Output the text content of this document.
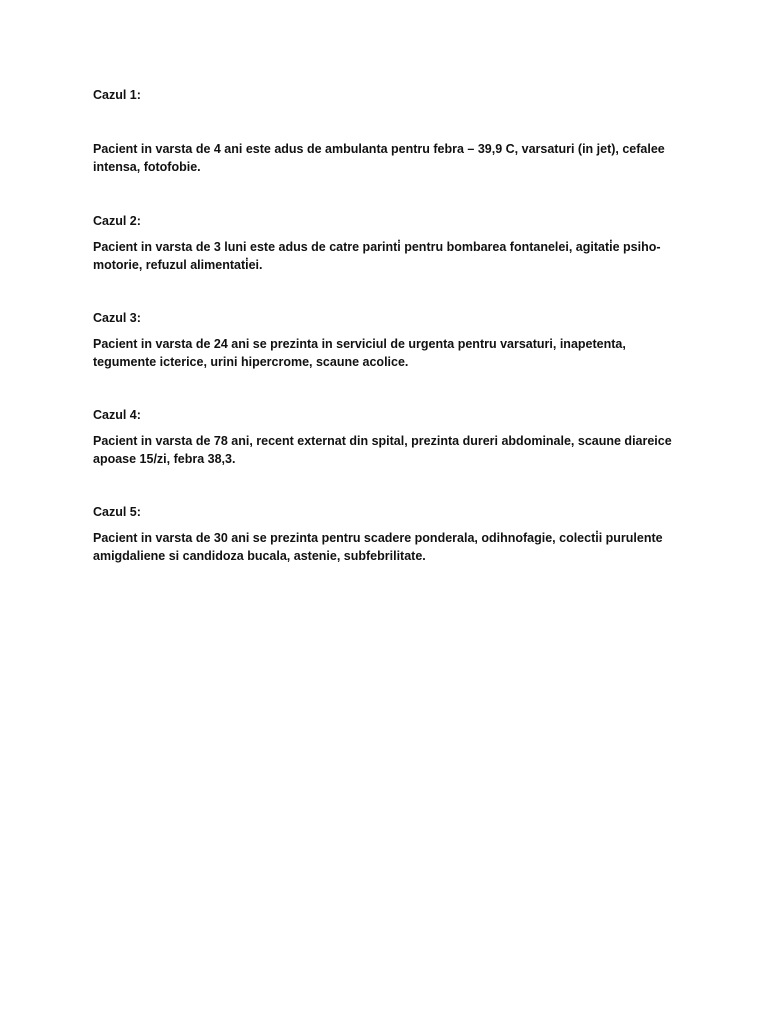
Cazul 1:

Pacient in varsta de 4 ani este adus de ambulanta pentru febra – 39,9 C, varsaturi (in jet), cefalee intensa, fotofobie.

Cazul 2:

Pacient in varsta de 3 luni este adus de catre parinti̇ pentru bombarea fontanelei, agitati̇e psiho-motorie, refuzul alimentati̇ei.

Cazul 3:

Pacient in varsta de 24 ani se prezinta in serviciul de urgenta pentru varsaturi, inapetenta, tegumente icterice, urini hipercrome, scaune acolice.

Cazul 4:

Pacient in varsta de 78 ani, recent externat din spital, prezinta dureri abdominale, scaune diareice apoase 15/zi, febra 38,3.

Cazul 5:

Pacient in varsta de 30 ani se prezinta pentru scadere ponderala, odihnofagie, colecti̇i purulente amigdaliene si candidoza bucala, astenie, subfebrilitate.
